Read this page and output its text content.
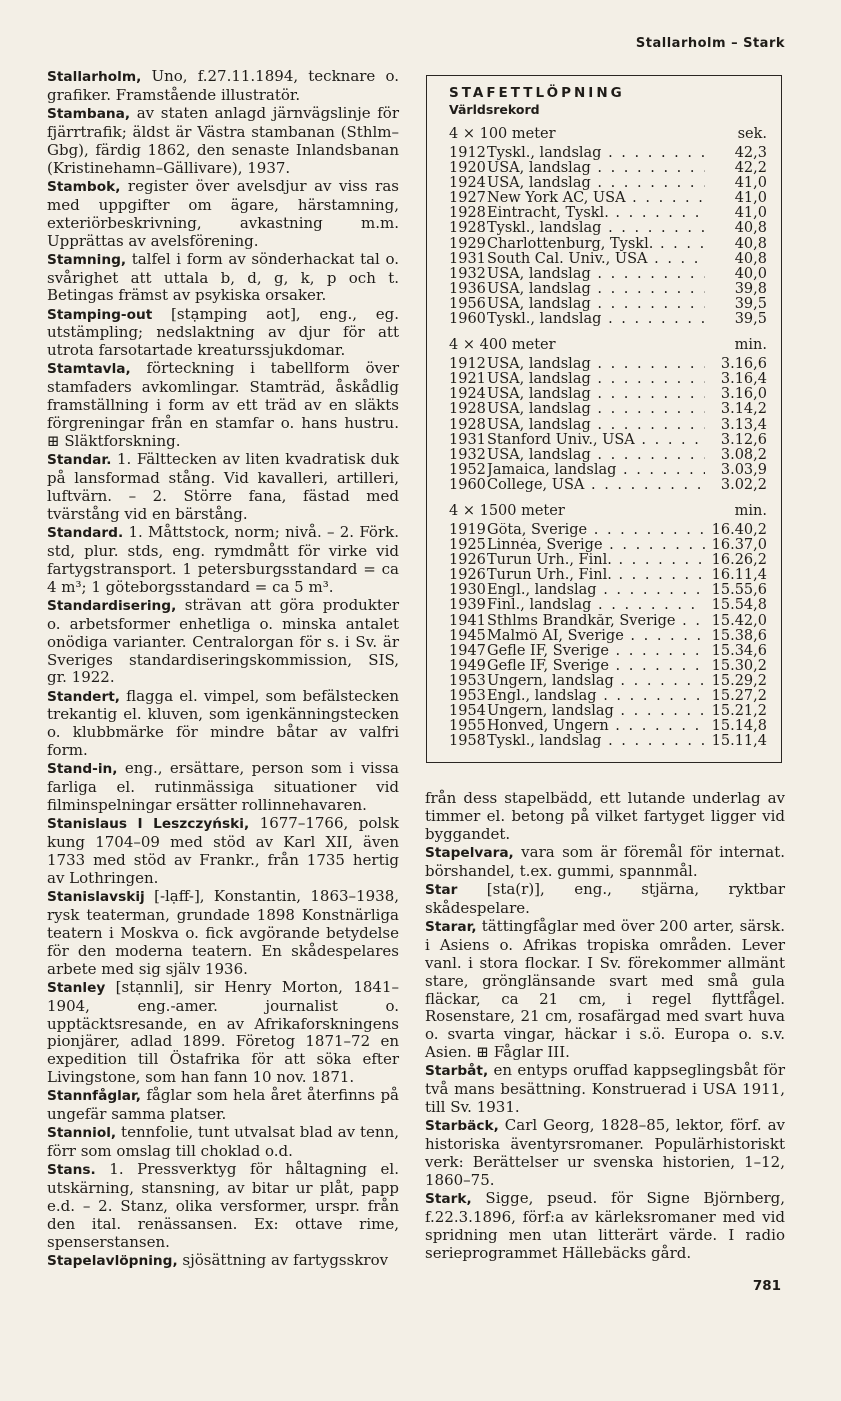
Stallarholm – Stark

Stallarholm, Uno, f.27.11.1894, tecknare o. grafiker. Framstående illustratör.

Stambana, av staten anlagd järnvägslinje för fjärrtrafik; äldst är Västra stambanan (Sthlm–Gbg), färdig 1862, den senaste Inlandsbanan (Kristinehamn–Gällivare), 1937.

Stambok, register över avelsdjur av viss ras med uppgifter om ägare, härstamning, exteriörbeskrivning, avkastning m.m. Upprättas av avelsförening.

Stamning, talfel i form av sönderhackat tal o. svårighet att uttala b, d, g, k, p och t. Betingas främst av psykiska orsaker.

Stamping-out [stạmping aot], eng., eg. utstämpling; nedslaktning av djur för att utrota farsotartade kreaturssjukdomar.

Stamtavla, förteckning i tabellform över stamfaders avkomlingar. Stamträd, åskådlig framställning i form av ett träd av en släkts förgreningar från en stamfar o. hans hustru. ⊞ Släktforskning.

Standar. 1. Fälttecken av liten kvadratisk duk på lansformad stång. Vid kavalleri, artilleri, luftvärn. – 2. Större fana, fästad med tvärstång vid en bärstång.

Standard. 1. Måttstock, norm; nivå. – 2. Förk. std, plur. stds, eng. rymdmått för virke vid fartygstransport. 1 petersburgsstandard = ca 4 m³; 1 göteborgsstandard = ca 5 m³.

Standardisering, strävan att göra produkter o. arbetsformer enhetliga o. minska antalet onödiga varianter. Centralorgan för s. i Sv. är Sveriges standardiseringskommission, SIS, gr. 1922.

Standert, flagga el. vimpel, som befälstecken trekantig el. kluven, som igenkänningstecken o. klubbmärke för mindre båtar av valfri form.

Stand-in, eng., ersättare, person som i vissa farliga el. rutinmässiga situationer vid filminspelningar ersätter rollinnehavaren.

Stanislaus I Leszczyński, 1677–1766, polsk kung 1704–09 med stöd av Karl XII, även 1733 med stöd av Frankr., från 1735 hertig av Lothringen.

Stanislavskij [-lạff-], Konstantin, 1863–1938, rysk teaterman, grundade 1898 Konstnärliga teatern i Moskva o. fick avgörande betydelse för den moderna teatern. En skådespelares arbete med sig själv 1936.

Stanley [stạnnli], sir Henry Morton, 1841–1904, eng.-amer. journalist o. upptäcktsresande, en av Afrikaforskningens pionjärer, adlad 1899. Företog 1871–72 en expedition till Östafrika för att söka efter Livingstone, som han fann 10 nov. 1871.

Stannfåglar, fåglar som hela året återfinns på ungefär samma platser.

Stanniol, tennfolie, tunt utvalsat blad av tenn, förr som omslag till choklad o.d.

Stans. 1. Pressverktyg för håltagning el. utskärning, stansning, av bitar ur plåt, papp e.d. – 2. Stanz, olika versformer, urspr. från den ital. renässansen. Ex: ottave rime, spenserstansen.

Stapelavlöpning, sjösättning av fartygsskrov

STAFETTLÖPNING

Världsrekord

4 × 100 meter	sek.
1912 Tyskl., landslag . . .	42,3
1920 USA, landslag . . .	42,2
1924 USA, landslag . . .	41,0
1927 New York AC, USA . . .	41,0
1928 Eintracht, Tyskl. . . .	41,0
1928 Tyskl., landslag . . .	40,8
1929 Charlottenburg, Tyskl. . . .	40,8
1931 South Cal. Univ., USA . . .	40,8
1932 USA, landslag . . .	40,0
1936 USA, landslag . . .	39,8
1956 USA, landslag . . .	39,5
1960 Tyskl., landslag . . .	39,5
4 × 400 meter	min.
1912 USA, landslag . . .	3.16,6
1921 USA, landslag . . .	3.16,4
1924 USA, landslag . . .	3.16,0
1928 USA, landslag . . .	3.14,2
1928 USA, landslag . . .	3.13,4
1931 Stanford Univ., USA . . .	3.12,6
1932 USA, landslag . . .	3.08,2
1952 Jamaica, landslag . . .	3.03,9
1960 College, USA . . .	3.02,2
4 × 1500 meter	min.
1919 Göta, Sverige . . .	16.40,2
1925 Linnéa, Sverige . . .	16.37,0
1926 Turun Urh., Finl. . . .	16.26,2
1926 Turun Urh., Finl. . . .	16.11,4
1930 Engl., landslag . . .	15.55,6
1939 Finl., landslag . . .	15.54,8
1941 Sthlms Brandkår, Sverige . . .	15.42,0
1945 Malmö AI, Sverige . . .	15.38,6
1947 Gefle IF, Sverige . . .	15.34,6
1949 Gefle IF, Sverige . . .	15.30,2
1953 Ungern, landslag . . .	15.29,2
1953 Engl., landslag . . .	15.27,2
1954 Ungern, landslag . . .	15.21,2
1955 Honved, Ungern . . .	15.14,8
1958 Tyskl., landslag . . .	15.11,4

från dess stapelbädd, ett lutande underlag av timmer el. betong på vilket fartyget ligger vid byggandet.

Stapelvara, vara som är föremål för internat. börshandel, t.ex. gummi, spannmål.

Star [sta(r)], eng., stjärna, ryktbar skådespelare.

Starar, tättingfåglar med över 200 arter, särsk. i Asiens o. Afrikas tropiska områden. Lever vanl. i stora flockar. I Sv. förekommer allmänt stare, grönglänsande svart med små gula fläckar, ca 21 cm, i regel flyttfågel. Rosenstare, 21 cm, rosafärgad med svart huva o. svarta vingar, häckar i s.ö. Europa o. s.v. Asien. ⊞ Fåglar III.

Starbåt, en entyps oruffad kappseglingsbåt för två mans besättning. Konstruerad i USA 1911, till Sv. 1931.

Starbäck, Carl Georg, 1828–85, lektor, förf. av historiska äventyrsromaner. Populärhistoriskt verk: Berättelser ur svenska historien, 1–12, 1860–75.

Stark, Sigge, pseud. för Signe Björnberg, f.22.3.1896, förf:a av kärleksromaner med vid spridning men utan litterärt värde. I radio serieprogrammet Hällebäcks gård.

781
